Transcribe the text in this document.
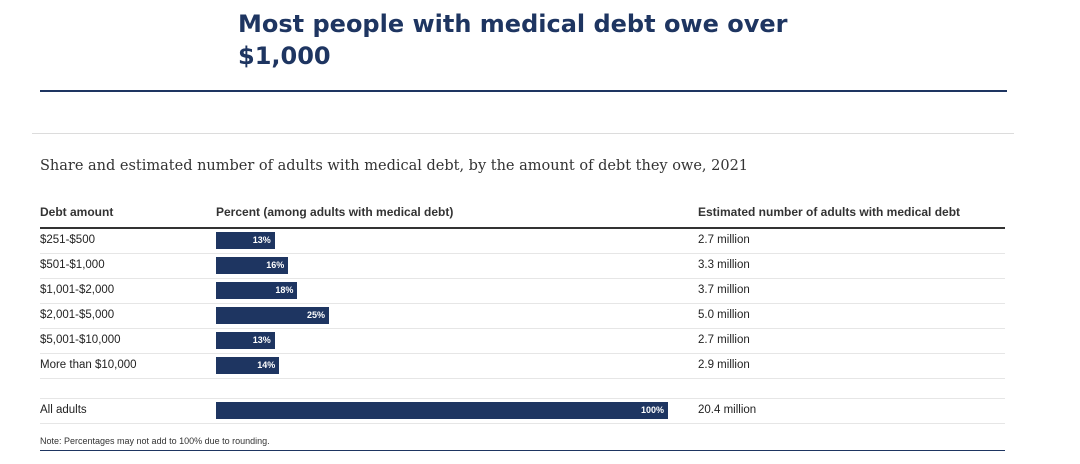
Most people with medical debt owe over $1,000
Share and estimated number of adults with medical debt, by the amount of debt they owe, 2021
Debt amount	Percent (among adults with medical debt)	Estimated number of adults with medical debt
$251-$500	13%	2.7 million
$501-$1,000	16%	3.3 million
$1,001-$2,000	18%	3.7 million
$2,001-$5,000	25%	5.0 million
$5,001-$10,000	13%	2.7 million
More than $10,000	14%	2.9 million
All adults	100%	20.4 million
Note: Percentages may not add to 100% due to rounding.
